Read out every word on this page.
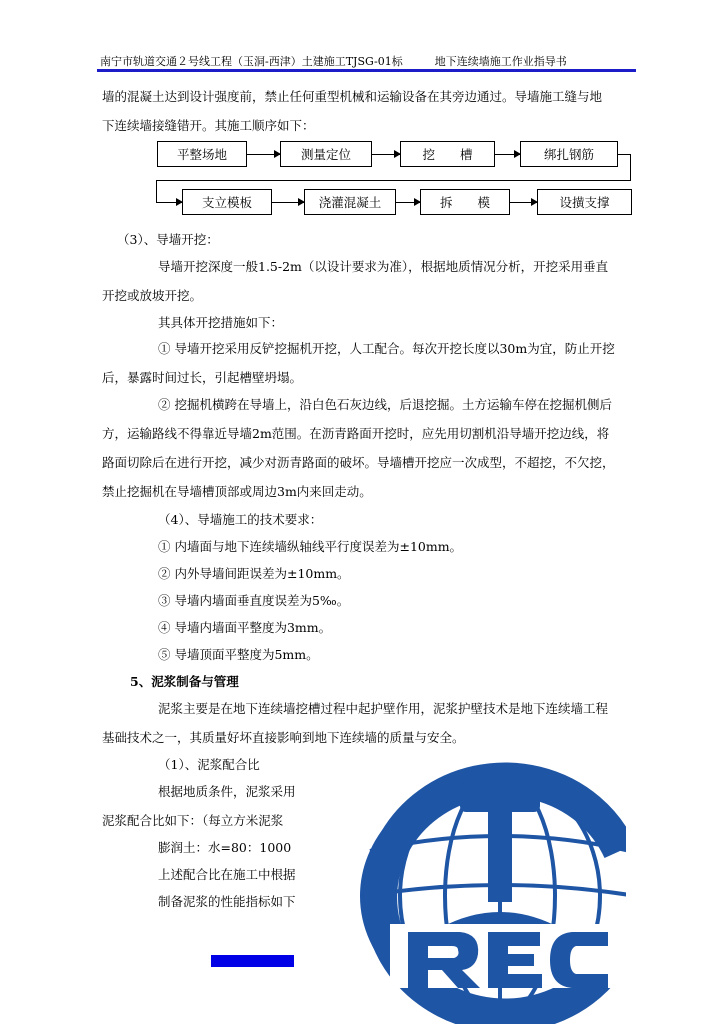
南宁市轨道交通２号线工程（玉洞-西津）土建施工TJSG-01标	地下连续墙施工作业指导书
墙的混凝土达到设计强度前，禁止任何重型机械和运输设备在其旁边通过。导墙施工缝与地
下连续墙接缝错开。其施工顺序如下：
平整场地	测量定位	挖　　槽	绑扎钢筋
支立模板	浇灌混凝土	拆　　模	设撗支撑
（3）、导墙开挖：
导墙开挖深度一般1.5-2m（以设计要求为准），根据地质情况分析，开挖采用垂直
开挖或放坡开挖。
其具体开挖措施如下：
① 导墙开挖采用反铲挖掘机开挖，人工配合。每次开挖长度以30m为宜，防止开挖
后，暴露时间过长，引起槽壁坍塌。
② 挖掘机横跨在导墙上，沿白色石灰边线，后退挖掘。土方运输车停在挖掘机侧后
方，运输路线不得靠近导墙2m范围。在沥青路面开挖时，应先用切割机沿导墙开挖边线，将
路面切除后在进行开挖，减少对沥青路面的破坏。导墙槽开挖应一次成型，不超挖，不欠挖，
禁止挖掘机在导墙槽顶部或周边3m内来回走动。
（4）、导墙施工的技术要求：
① 内墙面与地下连续墙纵轴线平行度误差为±10mm。
② 内外导墙间距误差为±10mm。
③ 导墙内墙面垂直度误差为5‰。
④ 导墙内墙面平整度为3mm。
⑤ 导墙顶面平整度为5mm。
5、泥浆制备与管理
泥浆主要是在地下连续墙挖槽过程中起护壁作用，泥浆护壁技术是地下连续墙工程
基础技术之一，其质量好坏直接影响到地下连续墙的质量与安全。
（1）、泥浆配合比
根据地质条件，泥浆采用
泥浆配合比如下：（每立方米泥浆
膨润土：水=80：1000
上述配合比在施工中根据
制备泥浆的性能指标如下
